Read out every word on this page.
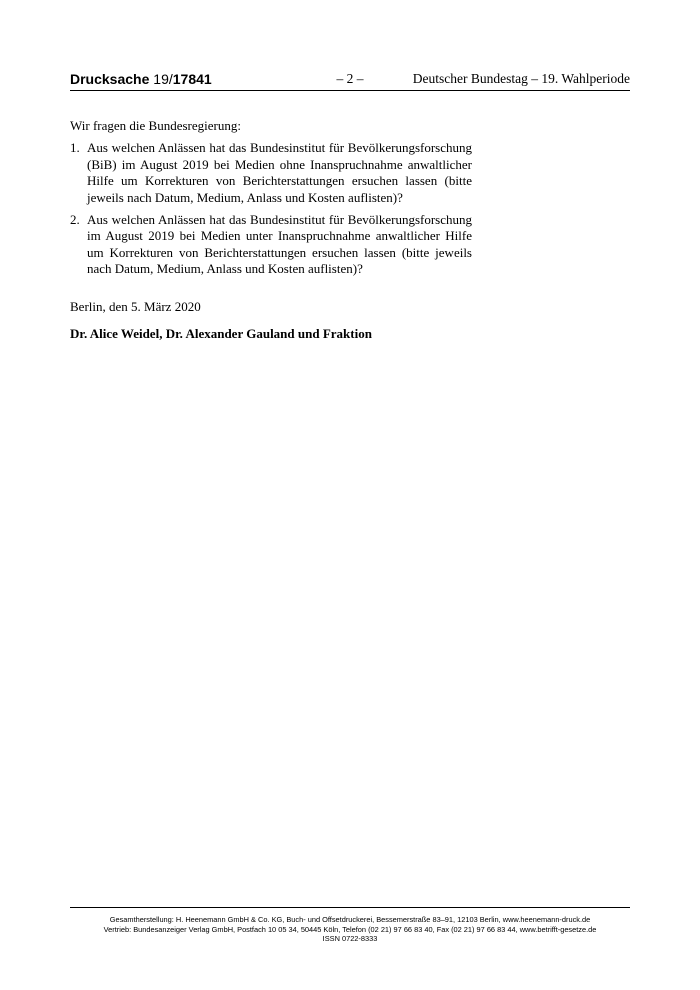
Drucksache 19/17841	– 2 –	Deutscher Bundestag – 19. Wahlperiode

Wir fragen die Bundesregierung:

1. Aus welchen Anlässen hat das Bundesinstitut für Bevölkerungsforschung (BiB) im August 2019 bei Medien ohne Inanspruchnahme anwaltlicher Hilfe um Korrekturen von Berichterstattungen ersuchen lassen (bitte jeweils nach Datum, Medium, Anlass und Kosten auflisten)?
2. Aus welchen Anlässen hat das Bundesinstitut für Bevölkerungsforschung im August 2019 bei Medien unter Inanspruchnahme anwaltlicher Hilfe um Korrekturen von Berichterstattungen ersuchen lassen (bitte jeweils nach Datum, Medium, Anlass und Kosten auflisten)?

Berlin, den 5. März 2020

Dr. Alice Weidel, Dr. Alexander Gauland und Fraktion

Gesamtherstellung: H. Heenemann GmbH & Co. KG, Buch- und Offsetdruckerei, Bessemerstraße 83–91, 12103 Berlin, www.heenemann-druck.de
Vertrieb: Bundesanzeiger Verlag GmbH, Postfach 10 05 34, 50445 Köln, Telefon (02 21) 97 66 83 40, Fax (02 21) 97 66 83 44, www.betrifft-gesetze.de
ISSN 0722-8333
